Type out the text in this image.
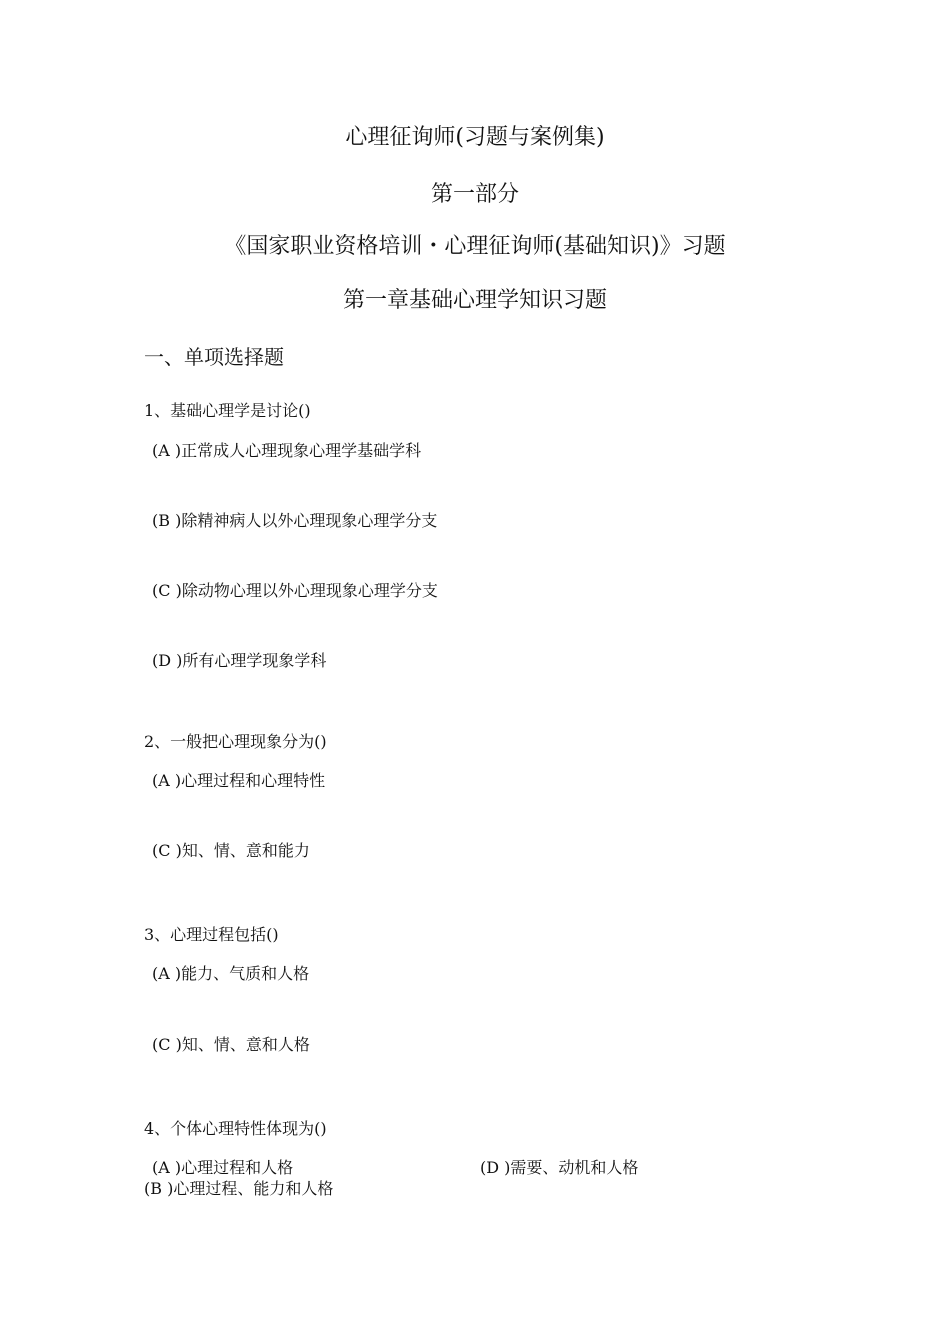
心理征询师(习题与案例集)
第一部分
《国家职业资格培训・心理征询师(基础知识)》习题
第一章基础心理学知识习题
一、单项选择题
1、基础心理学是讨论()
(A )正常成人心理现象心理学基础学科
(B )除精神病人以外心理现象心理学分支
(C )除动物心理以外心理现象心理学分支
(D )所有心理学现象学科
2、一般把心理现象分为()
(A )心理过程和心理特性
(C )知、情、意和能力
3、心理过程包括()
(A )能力、气质和人格
(C )知、情、意和人格
4、个体心理特性体现为()
(A )心理过程和人格	(D )需要、动机和人格
(B )心理过程、能力和人格
